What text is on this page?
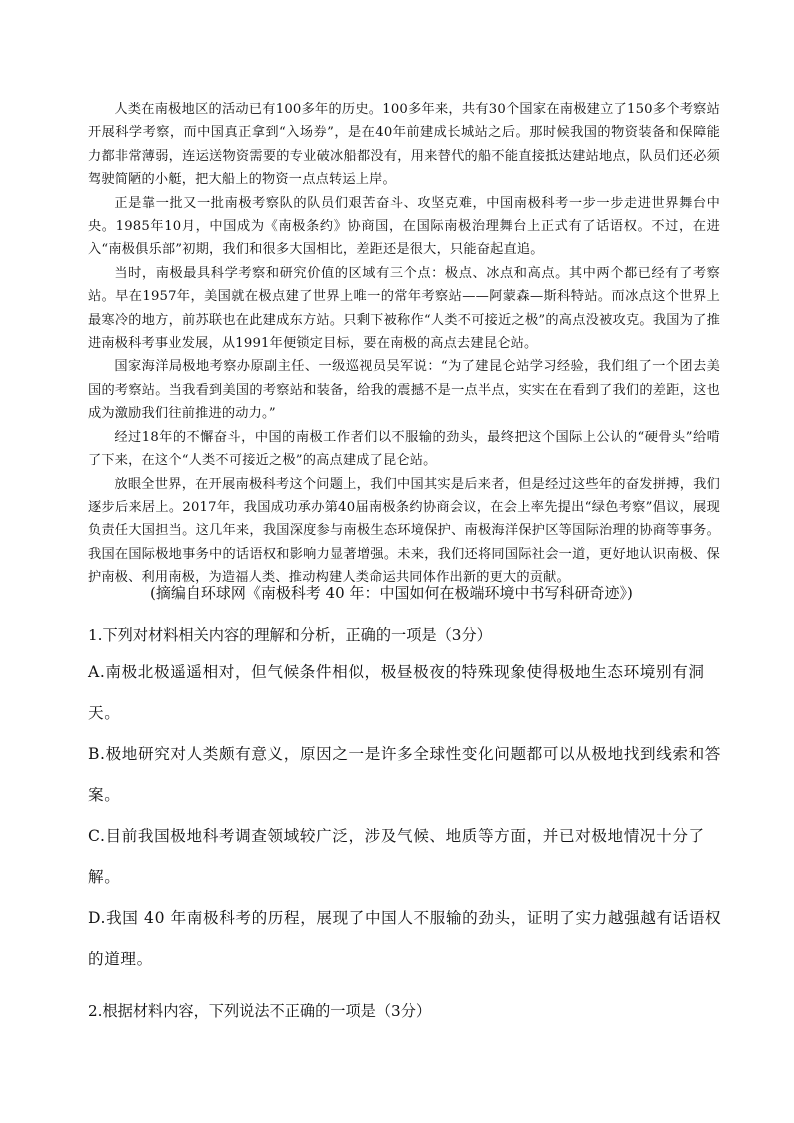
人类在南极地区的活动已有100多年的历史。100多年来，共有30个国家在南极建立了150多个考察站开展科学考察，而中国真正拿到“入场券”，是在40年前建成长城站之后。那时候我国的物资装备和保障能力都非常薄弱，连运送物资需要的专业破冰船都没有，用来替代的船不能直接抵达建站地点，队员们还必须驾驶简陋的小艇，把大船上的物资一点点转运上岸。

正是靠一批又一批南极考察队的队员们艰苦奋斗、攻坚克难，中国南极科考一步一步走进世界舞台中央。1985年10月，中国成为《南极条约》协商国，在国际南极治理舞台上正式有了话语权。不过，在进入“南极俱乐部”初期，我们和很多大国相比，差距还是很大，只能奋起直追。

当时，南极最具科学考察和研究价值的区域有三个点：极点、冰点和高点。其中两个都已经有了考察站。早在1957年，美国就在极点建了世界上唯一的常年考察站——阿蒙森—斯科特站。而冰点这个世界上最寒冷的地方，前苏联也在此建成东方站。只剩下被称作“人类不可接近之极”的高点没被攻克。我国为了推进南极科考事业发展，从1991年便锁定目标，要在南极的高点去建昆仑站。

国家海洋局极地考察办原副主任、一级巡视员吴军说：“为了建昆仑站学习经验，我们组了一个团去美国的考察站。当我看到美国的考察站和装备，给我的震撼不是一点半点，实实在在看到了我们的差距，这也成为激励我们往前推进的动力。”

经过18年的不懈奋斗，中国的南极工作者们以不服输的劲头，最终把这个国际上公认的“硬骨头”给啃了下来，在这个“人类不可接近之极”的高点建成了昆仑站。

放眼全世界，在开展南极科考这个问题上，我们中国其实是后来者，但是经过这些年的奋发拼搏，我们逐步后来居上。2017年，我国成功承办第40届南极条约协商会议，在会上率先提出“绿色考察”倡议，展现负责任大国担当。这几年来，我国深度参与南极生态环境保护、南极海洋保护区等国际治理的协商等事务。我国在国际极地事务中的话语权和影响力显著增强。未来，我们还将同国际社会一道，更好地认识南极、保护南极、利用南极，为造福人类、推动构建人类命运共同体作出新的更大的贡献。

(摘编自环球网《南极科考 40 年：中国如何在极端环境中书写科研奇迹》)
1.下列对材料相关内容的理解和分析，正确的一项是（3分）
A.南极北极遥遥相对，但气候条件相似，极昼极夜的特殊现象使得极地生态环境别有洞天。
B.极地研究对人类颇有意义，原因之一是许多全球性变化问题都可以从极地找到线索和答案。
C.目前我国极地科考调查领域较广泛，涉及气候、地质等方面，并已对极地情况十分了解。
D.我国 40 年南极科考的历程，展现了中国人不服输的劲头，证明了实力越强越有话语权的道理。
2.根据材料内容，下列说法不正确的一项是（3分）
